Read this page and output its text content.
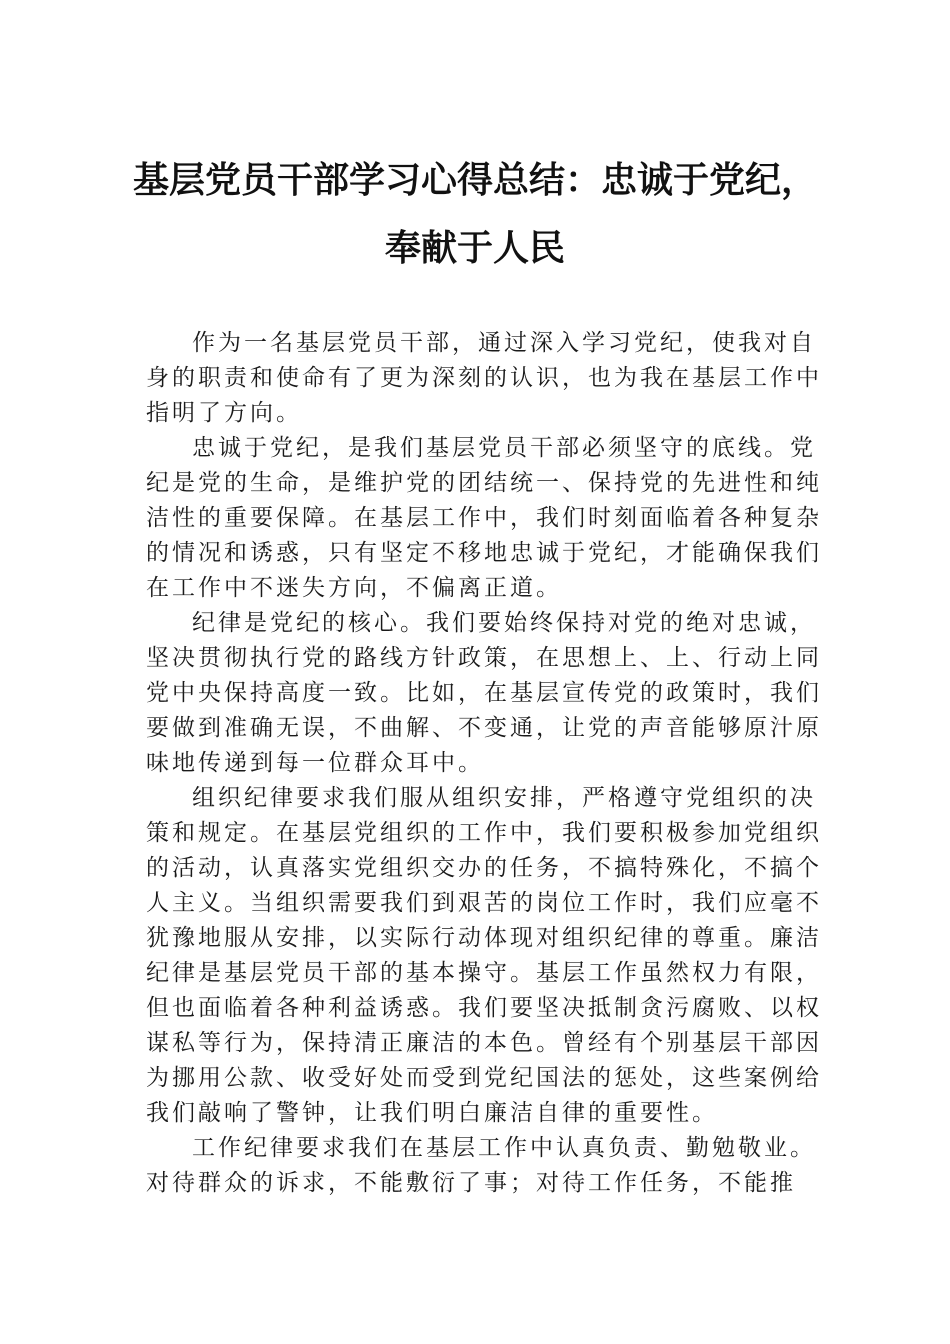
基层党员干部学习心得总结：忠诚于党纪，
奉献于人民

作为一名基层党员干部，通过深入学习党纪，使我对自身的职责和使命有了更为深刻的认识，也为我在基层工作中指明了方向。

忠诚于党纪，是我们基层党员干部必须坚守的底线。党纪是党的生命，是维护党的团结统一、保持党的先进性和纯洁性的重要保障。在基层工作中，我们时刻面临着各种复杂的情况和诱惑，只有坚定不移地忠诚于党纪，才能确保我们在工作中不迷失方向，不偏离正道。

纪律是党纪的核心。我们要始终保持对党的绝对忠诚，坚决贯彻执行党的路线方针政策，在思想上、上、行动上同党中央保持高度一致。比如，在基层宣传党的政策时，我们要做到准确无误，不曲解、不变通，让党的声音能够原汁原味地传递到每一位群众耳中。

组织纪律要求我们服从组织安排，严格遵守党组织的决策和规定。在基层党组织的工作中，我们要积极参加党组织的活动，认真落实党组织交办的任务，不搞特殊化，不搞个人主义。当组织需要我们到艰苦的岗位工作时，我们应毫不犹豫地服从安排，以实际行动体现对组织纪律的尊重。廉洁纪律是基层党员干部的基本操守。基层工作虽然权力有限，但也面临着各种利益诱惑。我们要坚决抵制贪污腐败、以权谋私等行为，保持清正廉洁的本色。曾经有个别基层干部因为挪用公款、收受好处而受到党纪国法的惩处，这些案例给我们敲响了警钟，让我们明白廉洁自律的重要性。

工作纪律要求我们在基层工作中认真负责、勤勉敬业。对待群众的诉求，不能敷衍了事；对待工作任务，不能推
